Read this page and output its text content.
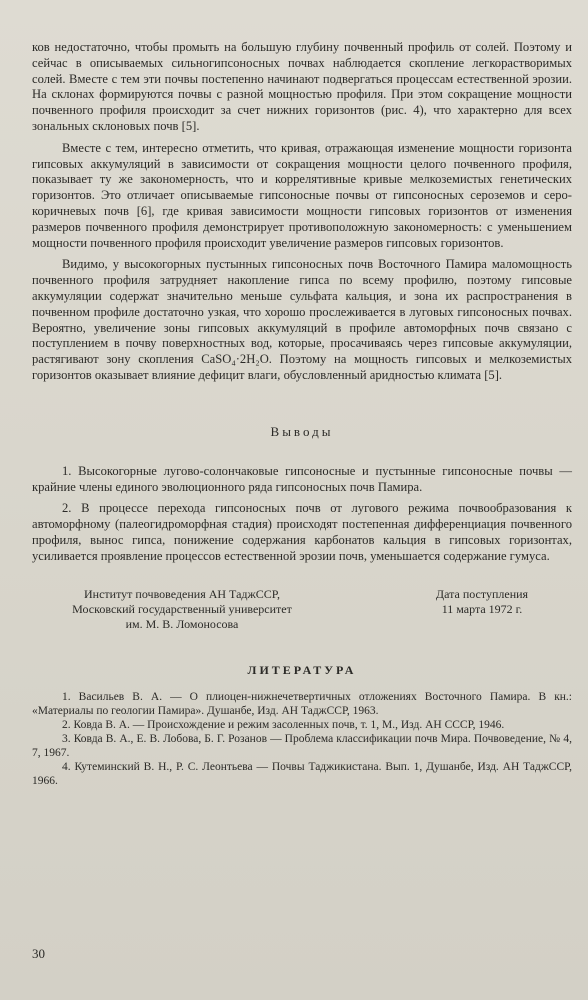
ков недостаточно, чтобы промыть на большую глубину почвенный профиль от солей. Поэтому и сейчас в описываемых сильногипсоносных почвах наблюдается скопление легкорастворимых солей. Вместе с тем эти почвы постепенно начинают подвергаться процессам естественной эрозии. На склонах формируются почвы с разной мощностью профиля. При этом сокращение мощности почвенного профиля происходит за счет нижних горизонтов (рис. 4), что характерно для всех зональных склоновых почв [5].

Вместе с тем, интересно отметить, что кривая, отражающая изменение мощности горизонта гипсовых аккумуляций в зависимости от сокращения мощности целого почвенного профиля, показывает ту же закономерность, что и коррелятивные кривые мелкоземистых генетических горизонтов. Это отличает описываемые гипсоносные почвы от гипсоносных сероземов и серо-коричневых почв [6], где кривая зависимости мощности гипсовых горизонтов от изменения размеров почвенного профиля демонстрирует противоположную закономерность: с уменьшением мощности почвенного профиля происходит увеличение размеров гипсовых горизонтов.

Видимо, у высокогорных пустынных гипсоносных почв Восточного Памира маломощность почвенного профиля затрудняет накопление гипса по всему профилю, поэтому гипсовые аккумуляции содержат значительно меньше сульфата кальция, и зона их распространения в почвенном профиле достаточно узкая, что хорошо прослеживается в луговых гипсоносных почвах. Вероятно, увеличение зоны гипсовых аккумуляций в профиле автоморфных почв связано с поступлением в почву поверхностных вод, которые, просачиваясь через гипсовые аккумуляции, растягивают зону скопления CaSO₄·2H₂O. Поэтому на мощность гипсовых и мелкоземистых горизонтов оказывает влияние дефицит влаги, обусловленный аридностью климата [5].

Выводы

1. Высокогорные лугово-солончаковые гипсоносные и пустынные гипсоносные почвы — крайние члены единого эволюционного ряда гипсоносных почв Памира.

2. В процессе перехода гипсоносных почв от лугового режима почвообразования к автоморфному (палеогидроморфная стадия) происходят постепенная дифференциация почвенного профиля, вынос гипса, понижение содержания карбонатов кальция в гипсовых горизонтах, усиливается проявление процессов естественной эрозии почв, уменьшается содержание гумуса.

Институт почвоведения АН ТаджССР,
Московский государственный университет
им. М. В. Ломоносова
Дата поступления
11 марта 1972 г.
ЛИТЕРАТУРА

1. Васильев В. А. — О плиоцен-нижнечетвертичных отложениях Восточного Памира. В кн.: «Материалы по геологии Памира». Душанбе, Изд. АН ТаджССР, 1963.

2. Ковда В. А. — Происхождение и режим засоленных почв, т. 1, М., Изд. АН СССР, 1946.

3. Ковда В. А., Е. В. Лобова, Б. Г. Розанов — Проблема классификации почв Мира. Почвоведение, № 4, 7, 1967.

4. Кутеминский В. Н., Р. С. Леонтьева — Почвы Таджикистана. Вып. 1, Душанбе, Изд. АН ТаджССР, 1966.

30
